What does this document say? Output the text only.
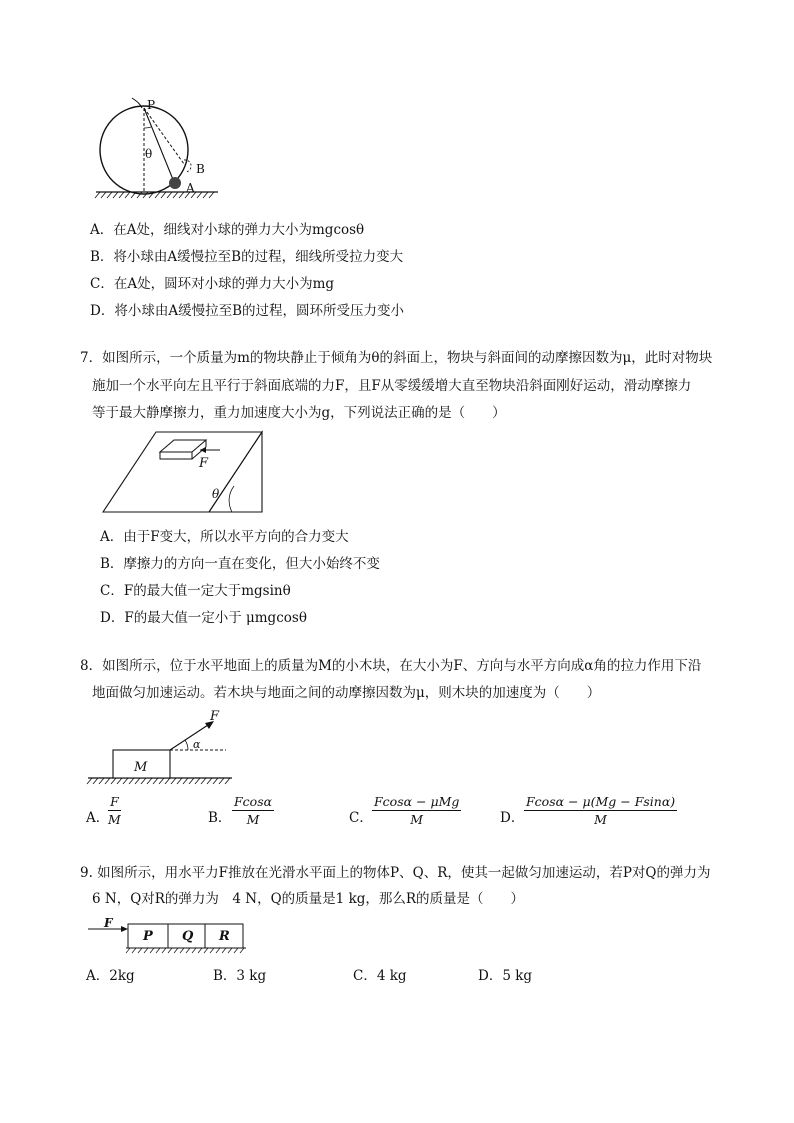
P
θ
B
A
A．在A处，细线对小球的弹力大小为mgcosθ
B．将小球由A缓慢拉至B的过程，细线所受拉力变大
C．在A处，圆环对小球的弹力大小为mg
D．将小球由A缓慢拉至B的过程，圆环所受压力变小
7．如图所示，一个质量为m的物块静止于倾角为θ的斜面上，物块与斜面间的动摩擦因数为μ，此时对物块
施加一个水平向左且平行于斜面底端的力F，且F从零缓缓增大直至物块沿斜面刚好运动，滑动摩擦力
等于最大静摩擦力，重力加速度大小为g，下列说法正确的是（　　）
F
θ
A．由于F变大，所以水平方向的合力变大
B．摩擦力的方向一直在变化，但大小始终不变
C．F的最大值一定大于mgsinθ
D．F的最大值一定小于 μmgcosθ
8．如图所示，位于水平地面上的质量为M的小木块，在大小为F、方向与水平方向成α角的拉力作用下沿
地面做匀加速运动。若木块与地面之间的动摩擦因数为μ，则木块的加速度为（　　）
M
F
α
A．
$\frac{F}{M}$	B． $\frac{Fcos\alpha}{M}$	C．
Fcosα − μMg
M	D． $\frac{Fcos\alpha - \mu(Mg - Fsin\alpha)}{M}$
9. 如图所示，用水平力F推放在光滑水平面上的物体P、Q、R，使其一起做匀加速运动，若P对Q的弹力为
6 N，Q对R的弹力为　4 N，Q的质量是1 kg，那么R的质量是（　　）
F
P Q R
A．2kg	B．3 kg	C．4 kg	D．5 kg
